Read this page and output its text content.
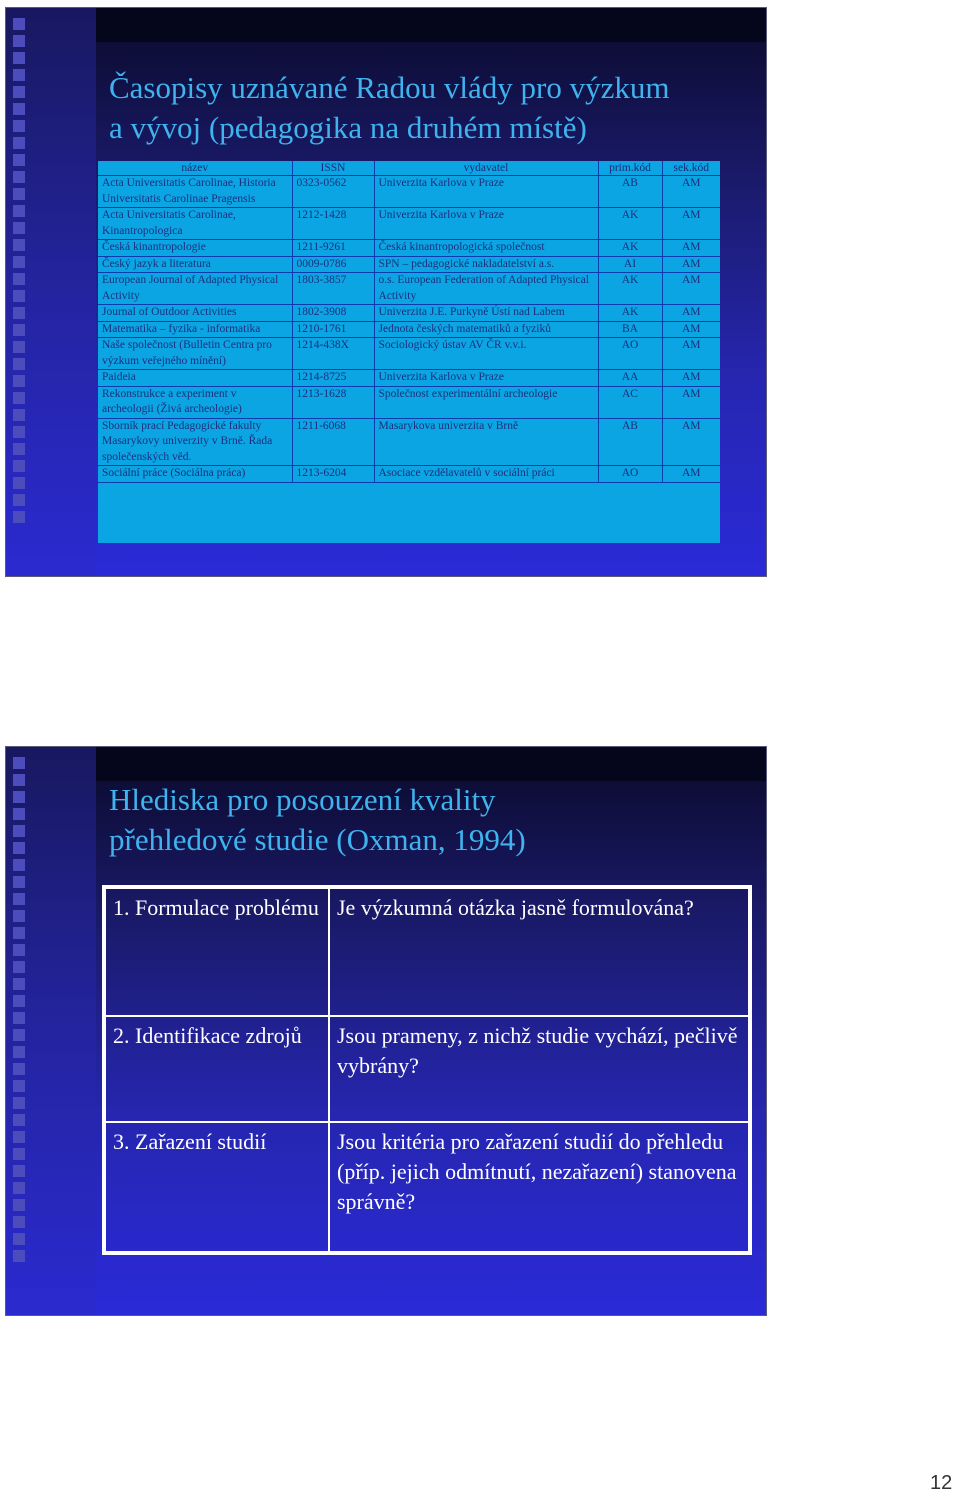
Časopisy uznávané Radou vlády pro výzkum
a vývoj (pedagogika na druhém místě)
název	ISSN	vydavatel	prim.kód	sek.kód
Acta Universitatis Carolinae, Historia Universitatis Carolinae Pragensis	0323-0562	Univerzita Karlova v Praze	AB	AM
Acta Universitatis Carolinae, Kinantropologica	1212-1428	Univerzita Karlova v Praze	AK	AM
Česká kinantropologie	1211-9261	Česká kinantropologická společnost	AK	AM
Český jazyk a literatura	0009-0786	SPN – pedagogické nakladatelství a.s.	AI	AM
European Journal of Adapted Physical Activity	1803-3857	o.s. European Federation of Adapted Physical Activity	AK	AM
Journal of Outdoor Activities	1802-3908	Univerzita J.E. Purkyně Ústí nad Labem	AK	AM
Matematika – fyzika - informatika	1210-1761	Jednota českých matematiků a fyziků	BA	AM
Naše společnost (Bulletin Centra pro výzkum veřejného mínění)	1214-438X	Sociologický ústav AV ČR v.v.i.	AO	AM
Paideia	1214-8725	Univerzita Karlova v Praze	AA	AM
Rekonstrukce a experiment v archeologii (Živá archeologie)	1213-1628	Společnost experimentální archeologie	AC	AM
Sborník prací Pedagogické fakulty Masarykovy univerzity v Brně. Řada společenských věd.	1211-6068	Masarykova univerzita v Brně	AB	AM
Sociální práce (Sociálna práca)	1213-6204	Asociace vzdělavatelů v sociální práci	AO	AM
Hlediska pro posouzení kvality
přehledové studie (Oxman, 1994)
1. Formulace problému	Je výzkumná otázka jasně formulována?
2. Identifikace zdrojů	Jsou prameny, z nichž studie vychází, pečlivě vybrány?
3. Zařazení studií	Jsou kritéria pro zařazení studií do přehledu (příp. jejich odmítnutí, nezařazení) stanovena správně?
12
